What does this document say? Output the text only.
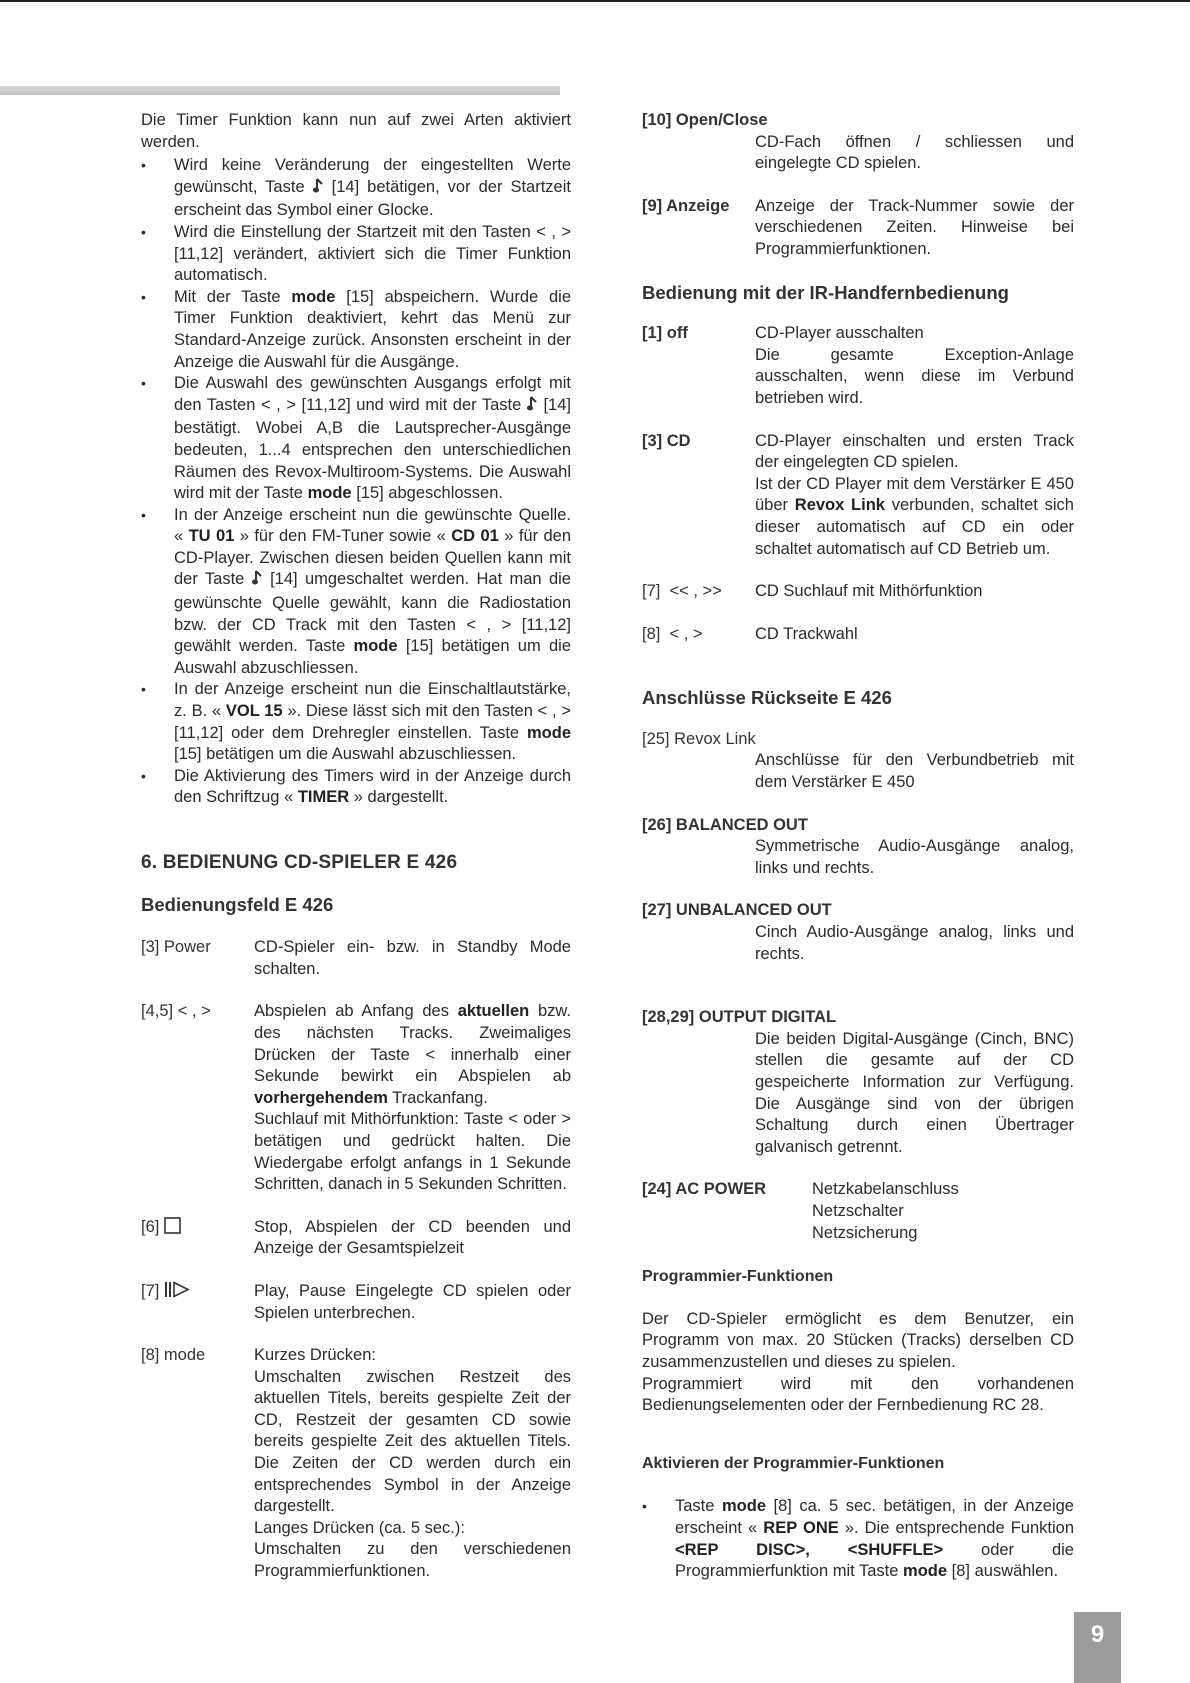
Die Timer Funktion kann nun auf zwei Arten aktiviert werden.

• Wird keine Veränderung der eingestellten Werte gewünscht, Taste [14] betätigen, vor der Startzeit erscheint das Symbol einer Glocke.
• Wird die Einstellung der Startzeit mit den Tasten < , > [11,12] verändert, aktiviert sich die Timer Funktion automatisch.
• Mit der Taste mode [15] abspeichern. Wurde die Timer Funktion deaktiviert, kehrt das Menü zur Standard-Anzeige zurück. Ansonsten erscheint in der Anzeige die Auswahl für die Ausgänge.
• Die Auswahl des gewünschten Ausgangs erfolgt mit den Tasten < , > [11,12] und wird mit der Taste [14] bestätigt. Wobei A,B die Lautsprecher-Ausgänge bedeuten, 1...4 entsprechen den unterschiedlichen Räumen des Revox-Multiroom-Systems. Die Auswahl wird mit der Taste mode [15] abgeschlossen.
• In der Anzeige erscheint nun die gewünschte Quelle. « TU 01 » für den FM-Tuner sowie « CD 01 » für den CD-Player. Zwischen diesen beiden Quellen kann mit der Taste [14] umgeschaltet werden. Hat man die gewünschte Quelle gewählt, kann die Radiostation bzw. der CD Track mit den Tasten < , > [11,12] gewählt werden. Taste mode [15] betätigen um die Auswahl abzuschliessen.
• In der Anzeige erscheint nun die Einschaltlautstärke, z. B. « VOL 15 ». Diese lässt sich mit den Tasten < , > [11,12] oder dem Drehregler einstellen. Taste mode [15] betätigen um die Auswahl abzuschliessen.
• Die Aktivierung des Timers wird in der Anzeige durch den Schriftzug « TIMER » dargestellt.
6. BEDIENUNG CD-SPIELER E 426
Bedienungsfeld E 426
[3] Power	CD-Spieler ein- bzw. in Standby Mode schalten.
[4,5] < , >	Abspielen ab Anfang des aktuellen bzw. des nächsten Tracks. Zweimaliges Drücken der Taste < innerhalb einer Sekunde bewirkt ein Abspielen ab vorhergehendem Trackanfang.
Suchlauf mit Mithörfunktion: Taste < oder > betätigen und gedrückt halten. Die Wiedergabe erfolgt anfangs in 1 Sekunde Schritten, danach in 5 Sekunden Schritten.
[6]	Stop, Abspielen der CD beenden und Anzeige der Gesamtspielzeit
[7]	Play, Pause Eingelegte CD spielen oder Spielen unterbrechen.
[8] mode	Kurzes Drücken:
Umschalten zwischen Restzeit des aktuellen Titels, bereits gespielte Zeit der CD, Restzeit der gesamten CD sowie bereits gespielte Zeit des aktuellen Titels. Die Zeiten der CD werden durch ein entsprechendes Symbol in der Anzeige dargestellt.
Langes Drücken (ca. 5 sec.):
Umschalten zu den verschiedenen Programmierfunktionen.
[10] Open/Close
CD-Fach öffnen / schliessen und eingelegte CD spielen.
[9] Anzeige	Anzeige der Track-Nummer sowie der verschiedenen Zeiten. Hinweise bei Programmierfunktionen.
Bedienung mit der IR-Handfernbedienung
[1] off	CD-Player ausschalten
Die gesamte Exception-Anlage ausschalten, wenn diese im Verbund betrieben wird.
[3] CD	CD-Player einschalten und ersten Track der eingelegten CD spielen.
Ist der CD Player mit dem Verstärker E 450 über Revox Link verbunden, schaltet sich dieser automatisch auf CD ein oder schaltet automatisch auf CD Betrieb um.
[7]  << , >>	CD Suchlauf mit Mithörfunktion
[8]  < , >	CD Trackwahl
Anschlüsse Rückseite E 426
[25] Revox Link
Anschlüsse für den Verbundbetrieb mit dem Verstärker E 450
[26] BALANCED OUT
Symmetrische Audio-Ausgänge analog, links und rechts.
[27] UNBALANCED OUT
Cinch Audio-Ausgänge analog, links und rechts.
[28,29] OUTPUT DIGITAL
Die beiden Digital-Ausgänge (Cinch, BNC) stellen die gesamte auf der CD gespeicherte Information zur Verfügung. Die Ausgänge sind von der übrigen Schaltung durch einen Übertrager galvanisch getrennt.
[24] AC POWER	Netzkabelanschluss
Netzschalter
Netzsicherung
Programmier-Funktionen

Der CD-Spieler ermöglicht es dem Benutzer, ein Programm von max. 20 Stücken (Tracks) derselben CD zusammenzustellen und dieses zu spielen.

Programmiert wird mit den vorhandenen Bedienungselementen oder der Fernbedienung RC 28.

Aktivieren der Programmier-Funktionen
• Taste mode [8] ca. 5 sec. betätigen, in der Anzeige erscheint « REP ONE ». Die entsprechende Funktion <REP DISC>, <SHUFFLE> oder die Programmierfunktion mit Taste mode [8] auswählen.
9
